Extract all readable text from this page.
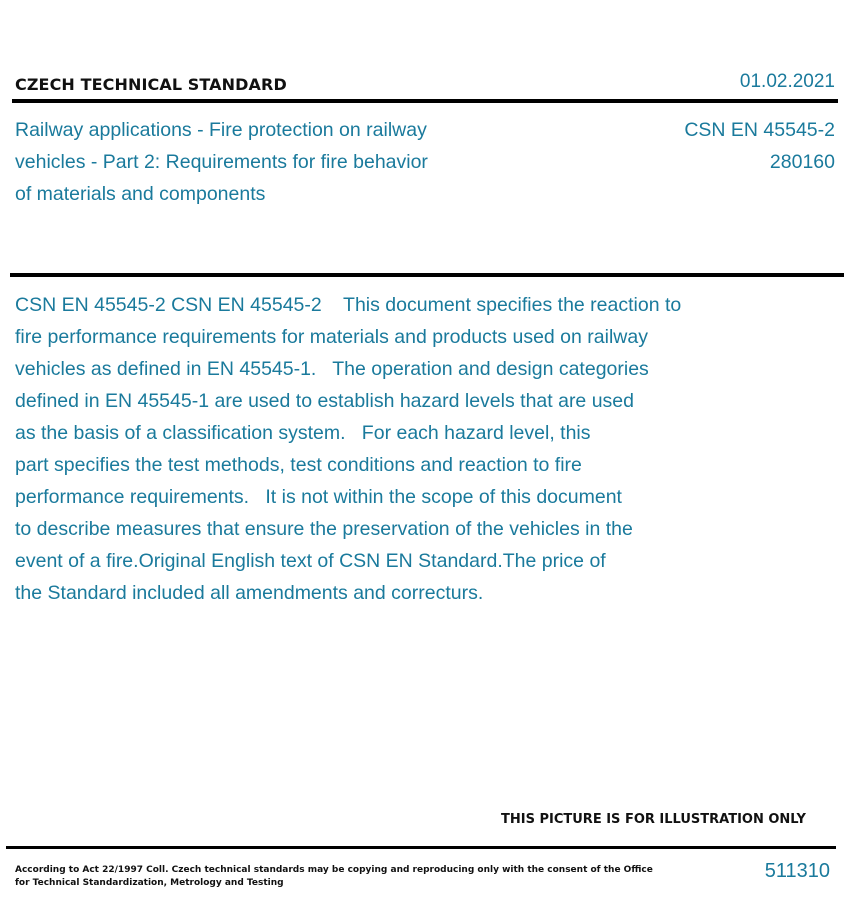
CZECH TECHNICAL STANDARD	01.02.2021
Railway applications - Fire protection on railway
vehicles - Part 2: Requirements for fire behavior
of materials and components
CSN EN 45545-2
280160
CSN EN 45545-2 CSN EN 45545-2    This document specifies the reaction to
fire performance requirements for materials and products used on railway
vehicles as defined in EN 45545-1.   The operation and design categories
defined in EN 45545-1 are used to establish hazard levels that are used
as the basis of a classification system.   For each hazard level, this
part specifies the test methods, test conditions and reaction to fire
performance requirements.   It is not within the scope of this document
to describe measures that ensure the preservation of the vehicles in the
event of a fire.Original English text of CSN EN Standard.The price of
the Standard included all amendments and correcturs.
THIS PICTURE IS FOR ILLUSTRATION ONLY
According to Act 22/1997 Coll. Czech technical standards may be copying and reproducing only with the consent of the Office
for Technical Standardization, Metrology and Testing
511310
